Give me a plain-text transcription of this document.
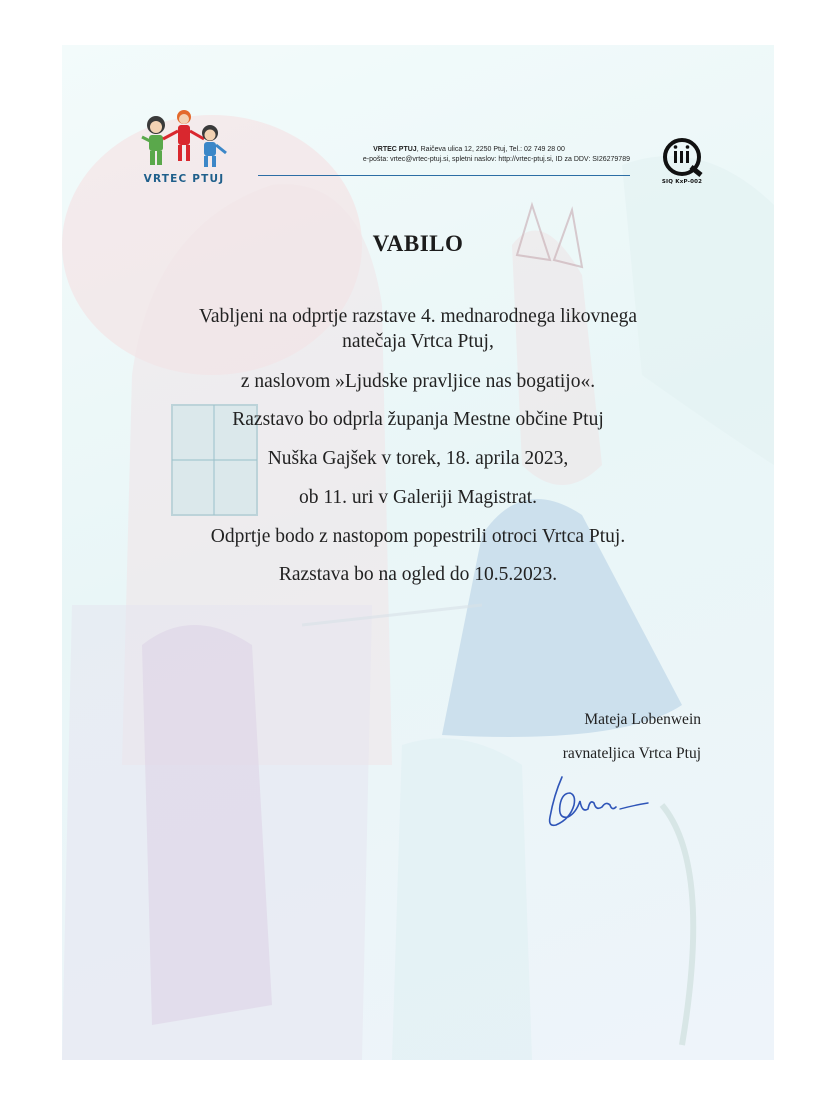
VRTEC PTUJ
VRTEC PTUJ, Raičeva ulica 12, 2250 Ptuj, Tel.: 02 749 28 00
e-pošta: vrtec@vrtec-ptuj.si, spletni naslov: http://vrtec-ptuj.si, ID za DDV: SI26279789
SIQ KxP-002
VABILO
Vabljeni na odprtje razstave 4. mednarodnega likovnega
natečaja Vrtca Ptuj,
z naslovom »Ljudske pravljice nas bogatijo«.
Razstavo bo odprla županja Mestne občine Ptuj
Nuška Gajšek v torek, 18. aprila 2023,
ob 11. uri v Galeriji Magistrat.
Odprtje bodo z nastopom popestrili otroci Vrtca Ptuj.
Razstava bo na ogled do 10.5.2023.
Mateja Lobenwein
ravnateljica Vrtca Ptuj
